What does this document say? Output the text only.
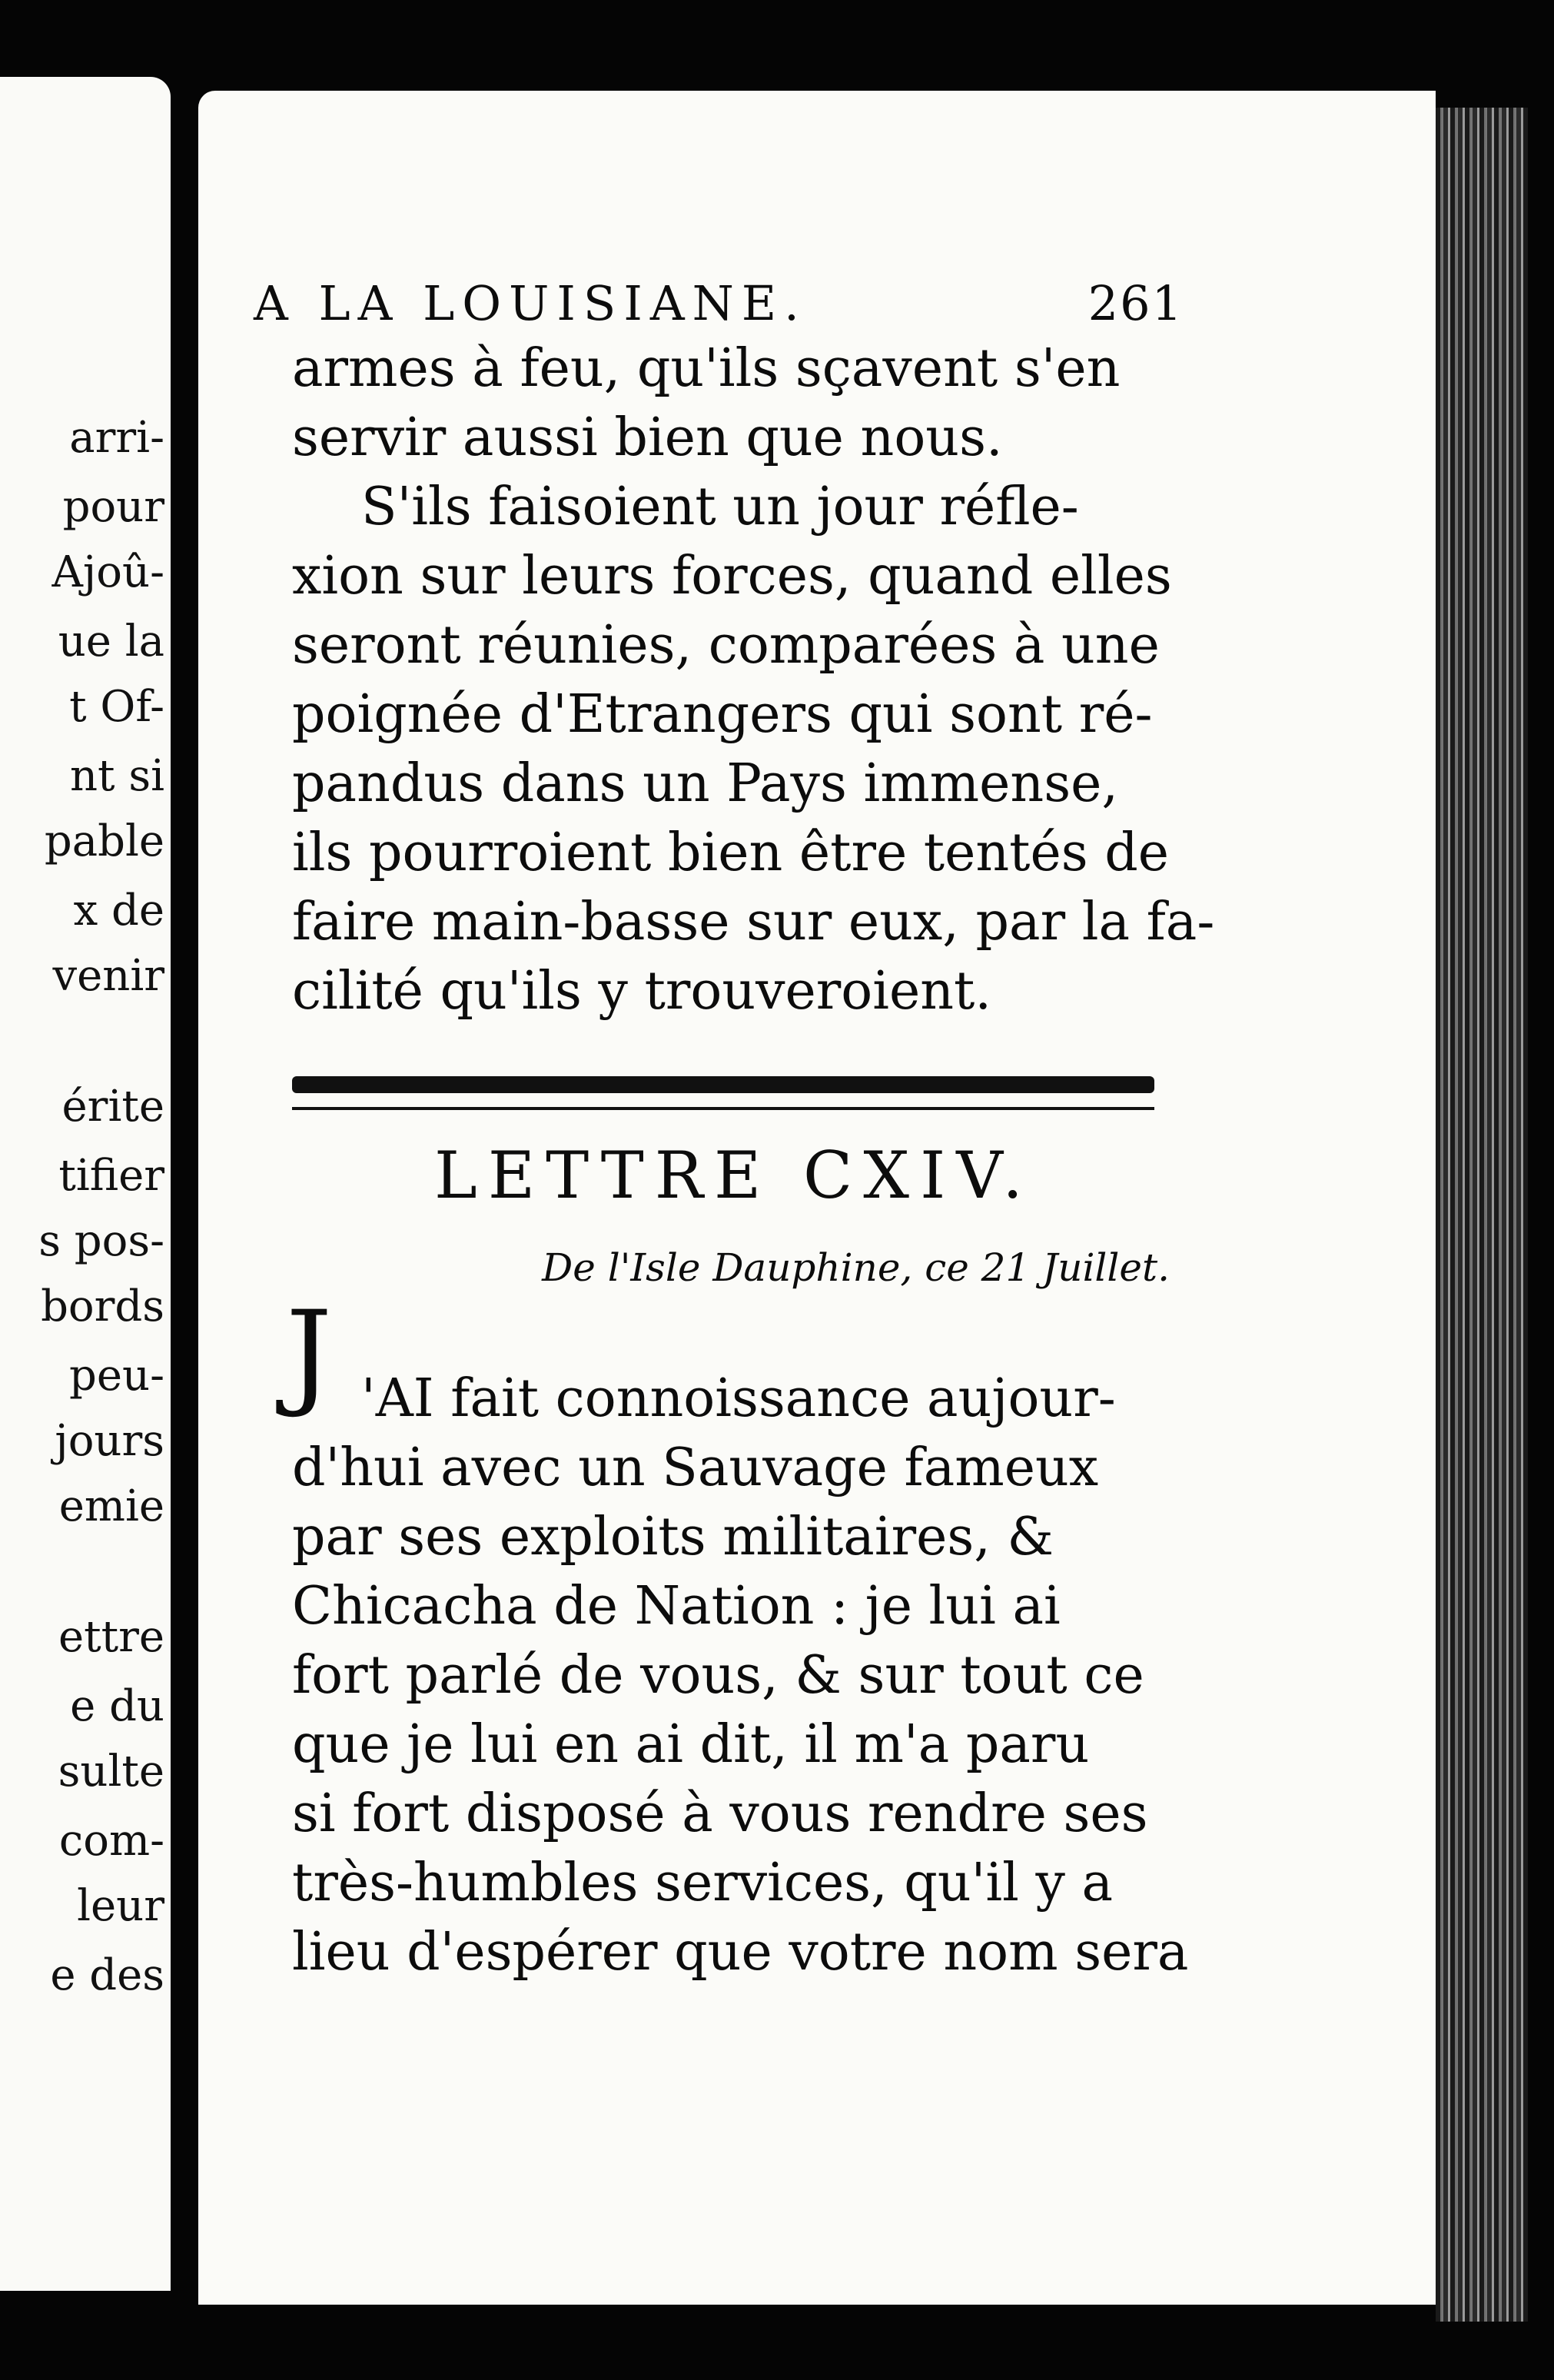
arri-
pour
Ajoû-
ue la
t Of-
nt si
pable
x de
venir
érite
tifier
s pos-
bords
peu-
jours
emie
ettre
e du
sulte
com-
leur
e des
A LA LOUISIANE.	261
armes à feu, qu'ils sçavent s'en
servir aussi bien que nous.
S'ils faisoient un jour réfle-
xion sur leurs forces, quand elles
seront réunies, comparées à une
poignée d'Etrangers qui sont ré-
pandus dans un Pays immense,
ils pourroient bien être tentés de
faire main-basse sur eux, par la fa-
cilité qu'ils y trouveroient.
LETTRE CXIV.
De l'Isle Dauphine, ce 21 Juillet.
J 'AI fait connoissance aujour-
d'hui avec un Sauvage fameux
par ses exploits militaires, &
Chicacha de Nation : je lui ai
fort parlé de vous, & sur tout ce
que je lui en ai dit, il m'a paru
si fort disposé à vous rendre ses
très-humbles services, qu'il y a
lieu d'espérer que votre nom sera
